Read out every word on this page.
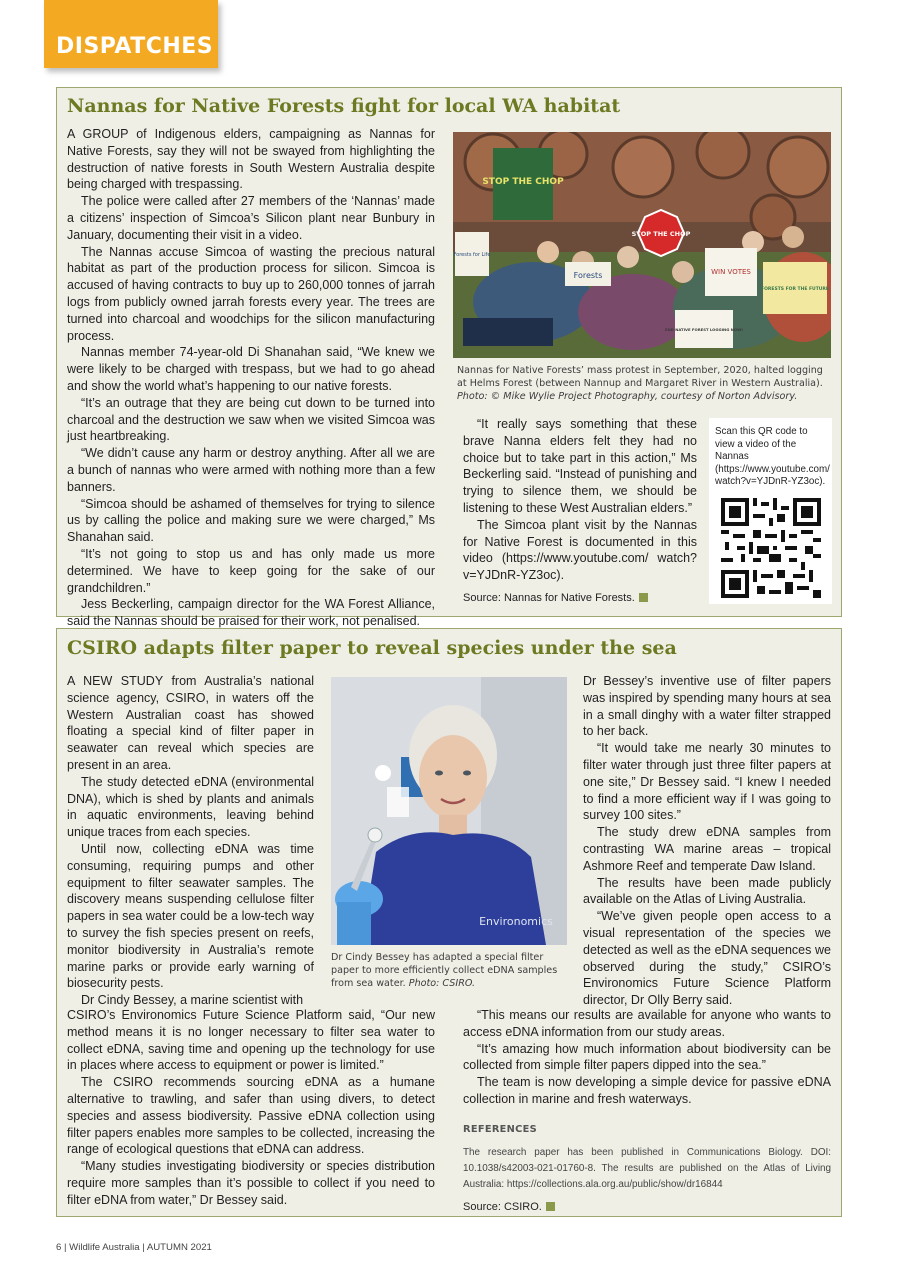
DISPATCHES
Nannas for Native Forests fight for local WA habitat

A GROUP of Indigenous elders, campaigning as Nannas for Native Forests, say they will not be swayed from highlighting the destruction of native forests in South Western Australia despite being charged with trespassing.

The police were called after 27 members of the ‘Nannas’ made a citizens’ inspection of Simcoa’s Silicon plant near Bunbury in January, documenting their visit in a video.

The Nannas accuse Simcoa of wasting the precious natural habitat as part of the production process for silicon. Simcoa is accused of having contracts to buy up to 260,000 tonnes of jarrah logs from publicly owned jarrah forests every year. The trees are turned into charcoal and woodchips for the silicon manufacturing process.

Nannas member 74-year-old Di Shanahan said, “We knew we were likely to be charged with trespass, but we had to go ahead and show the world what’s happening to our native forests.

“It’s an outrage that they are being cut down to be turned into charcoal and the destruction we saw when we visited Simcoa was just heartbreaking.

“We didn’t cause any harm or destroy anything. After all we are a bunch of nannas who were armed with nothing more than a few banners.

“Simcoa should be ashamed of themselves for trying to silence us by calling the police and making sure we were charged,” Ms Shanahan said.

“It’s not going to stop us and has only made us more determined. We have to keep going for the sake of our grandchildren.”

Jess Beckerling, campaign director for the WA Forest Alliance, said the Nannas should be praised for their work, not penalised.

STOP THE CHOP
STOP THE CHOP
Forests for Life
Forests	WIN VOTES
FORESTS FOR THE FUTURE
END NATIVE FOREST LOGGING NOW!
Nannas for Native Forests’ mass protest in September, 2020, halted logging at Helms Forest (between Nannup and Margaret River in Western Australia). Photo: © Mike Wylie Project Photography, courtesy of Norton Advisory.

“It really says something that these brave Nanna elders felt they had no choice but to take part in this action,” Ms Beckerling said. “Instead of punishing and trying to silence them, we should be listening to these West Australian elders.”

The Simcoa plant visit by the Nannas for Native Forest is documented in this video (https://www.youtube.com/ watch?v=YJDnR-YZ3oc).

Source: Nannas for Native Forests.
Scan this QR code to view a video of the Nannas (https://www.youtube.com/ watch?v=YJDnR-YZ3oc).
CSIRO adapts filter paper to reveal species under the sea

A NEW STUDY from Australia’s national science agency, CSIRO, in waters off the Western Australian coast has showed floating a special kind of filter paper in seawater can reveal which species are present in an area.

The study detected eDNA (environmental DNA), which is shed by plants and animals in aquatic environments, leaving behind unique traces from each species.

Until now, collecting eDNA was time consuming, requiring pumps and other equipment to filter seawater samples. The discovery means suspending cellulose filter papers in sea water could be a low-tech way to survey the fish species present on reefs, monitor biodiversity in Australia’s remote marine parks or provide early warning of biosecurity pests.

Dr Cindy Bessey, a marine scientist with

Environomics
Dr Cindy Bessey has adapted a special filter paper to more efficiently collect eDNA samples from sea water. Photo: CSIRO.

Dr Bessey’s inventive use of filter papers was inspired by spending many hours at sea in a small dinghy with a water filter strapped to her back.

“It would take me nearly 30 minutes to filter water through just three filter papers at one site,” Dr Bessey said. “I knew I needed to find a more efficient way if I was going to survey 100 sites.”

The study drew eDNA samples from contrasting WA marine areas – tropical Ashmore Reef and temperate Daw Island.

The results have been made publicly available on the Atlas of Living Australia.

“We’ve given people open access to a visual representation of the species we detected as well as the eDNA sequences we observed during the study,” CSIRO’s Environomics Future Science Platform director, Dr Olly Berry said.

CSIRO’s Environomics Future Science Platform said, “Our new method means it is no longer necessary to filter sea water to collect eDNA, saving time and opening up the technology for use in places where access to equipment or power is limited.”

The CSIRO recommends sourcing eDNA as a humane alternative to trawling, and safer than using divers, to detect species and assess biodiversity. Passive eDNA collection using filter papers enables more samples to be collected, increasing the range of ecological questions that eDNA can address.

“Many studies investigating biodiversity or species distribution require more samples than it’s possible to collect if you need to filter eDNA from water,” Dr Bessey said.

“This means our results are available for anyone who wants to access eDNA information from our study areas.

“It’s amazing how much information about biodiversity can be collected from simple filter papers dipped into the sea.”

The team is now developing a simple device for passive eDNA collection in marine and fresh waterways.

REFERENCES
The research paper has been published in Communications Biology. DOI: 10.1038/s42003-021-01760-8. The results are published on the Atlas of Living Australia: https://collections.ala.org.au/public/show/dr16844
Source: CSIRO.
6 | Wildlife Australia | AUTUMN 2021
